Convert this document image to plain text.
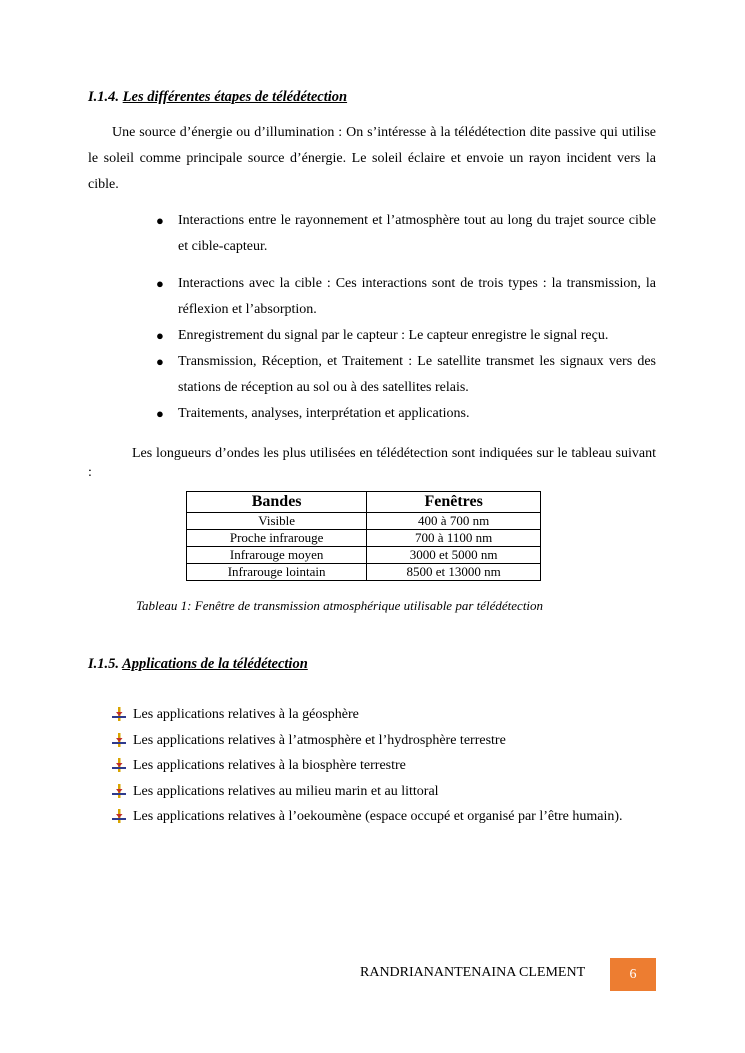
I.1.4. Les différentes étapes de télédétection

Une source d’énergie ou d’illumination : On s’intéresse à la télédétection dite passive qui utilise le soleil comme principale source d’énergie. Le soleil éclaire et envoie un rayon incident vers la cible.

● Interactions entre le rayonnement et l’atmosphère tout au long du trajet source cible et cible-capteur.
● Interactions avec la cible : Ces interactions sont de trois types : la transmission, la réflexion et l’absorption.
● Enregistrement du signal par le capteur : Le capteur enregistre le signal reçu.
● Transmission, Réception, et Traitement : Le satellite transmet les signaux vers des stations de réception au sol ou à des satellites relais.
● Traitements, analyses, interprétation et applications.

Les longueurs d’ondes les plus utilisées en télédétection sont indiquées sur le tableau suivant :

Bandes	Fenêtres
Visible	400 à 700 nm
Proche infrarouge	700 à 1100 nm
Infrarouge moyen	3000 et 5000 nm
Infrarouge lointain	8500 et 13000 nm
Tableau 1: Fenêtre de transmission atmosphérique utilisable par télédétection
I.1.5. Applications de la télédétection
Les applications relatives à la géosphère
Les applications relatives à l’atmosphère et l’hydrosphère terrestre
Les applications relatives à la biosphère terrestre
Les applications relatives au milieu marin et au littoral
Les applications relatives à l’oekoumène (espace occupé et organisé par l’être humain).
RANDRIANANTENAINA CLEMENT	6
